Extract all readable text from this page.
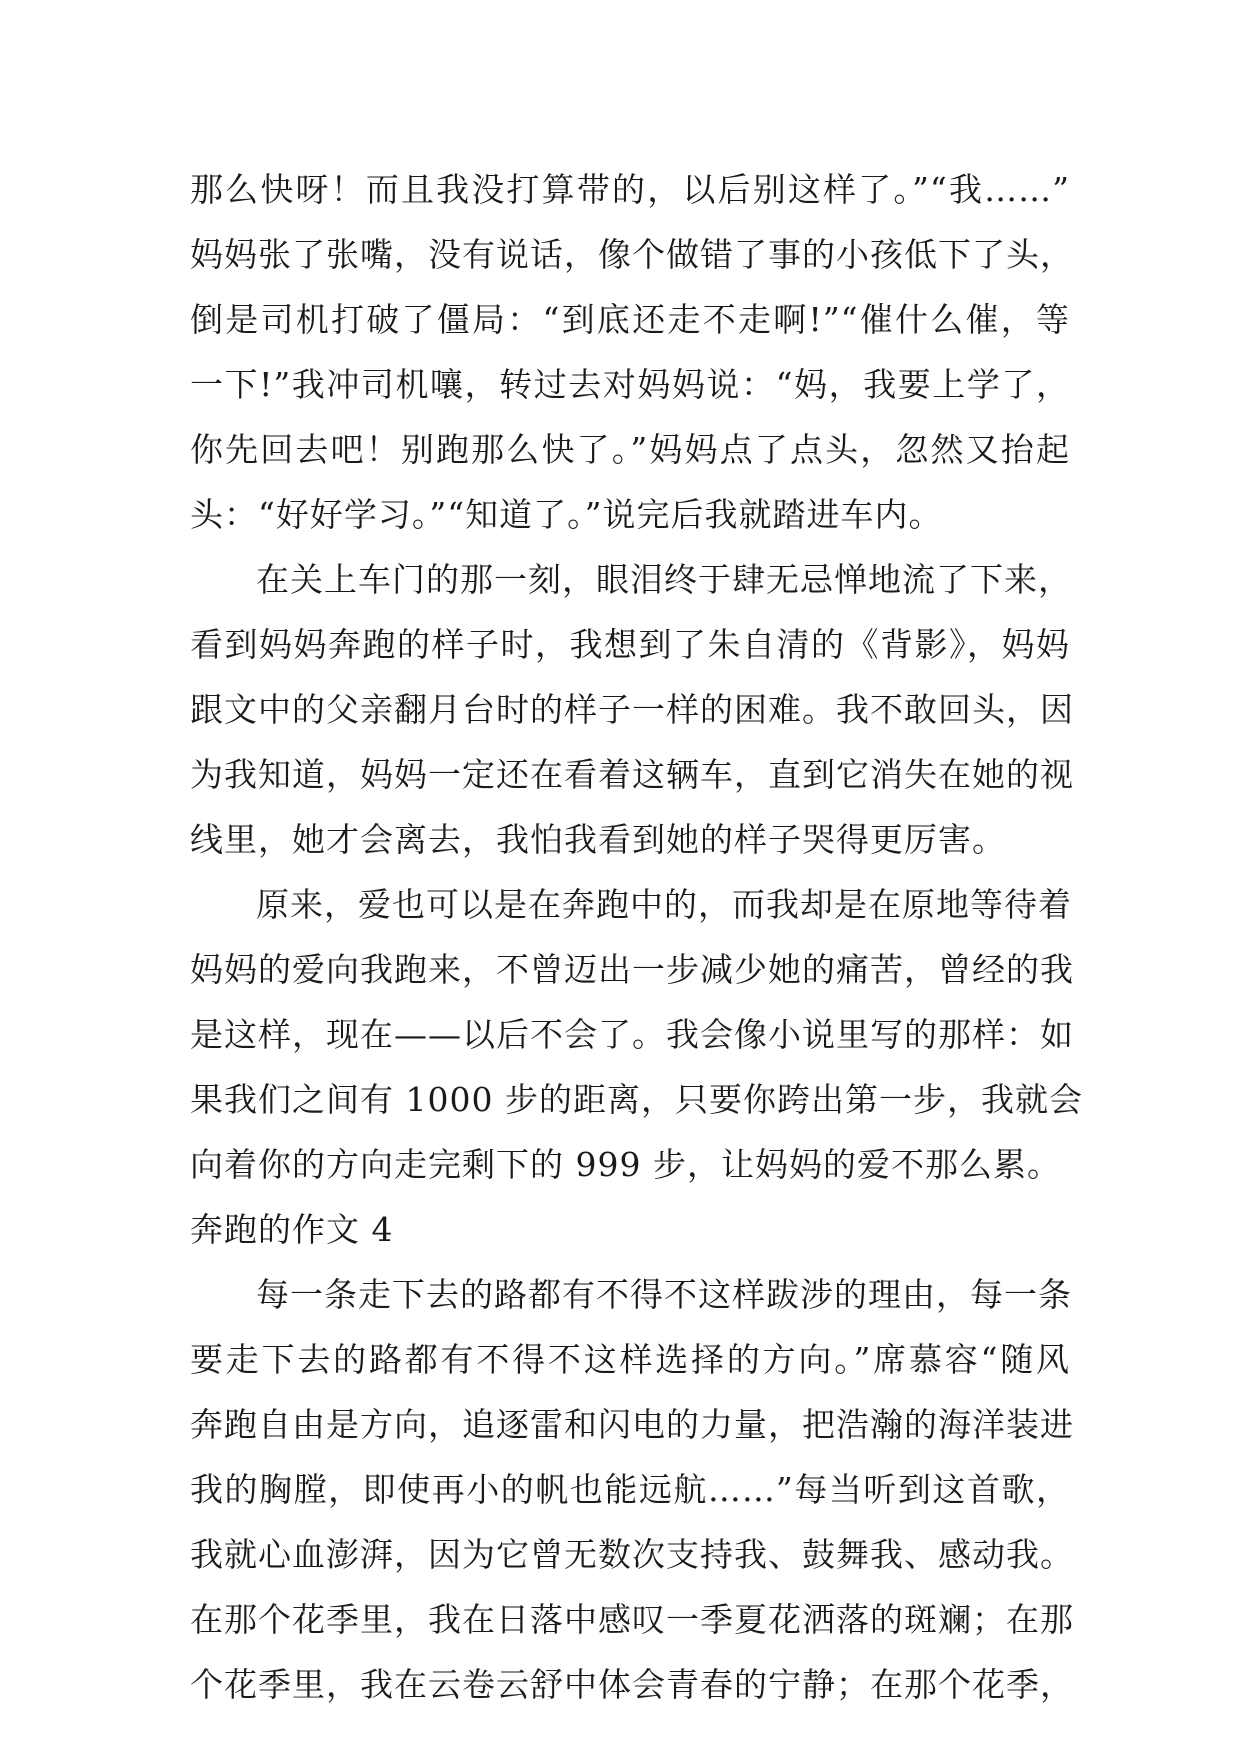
那么快呀！而且我没打算带的，以后别这样了。”“我……”
妈妈张了张嘴，没有说话，像个做错了事的小孩低下了头，
倒是司机打破了僵局：“到底还走不走啊!”“催什么催，等
一下!”我冲司机嚷，转过去对妈妈说：“妈，我要上学了，
你先回去吧！别跑那么快了。”妈妈点了点头，忽然又抬起
头：“好好学习。”“知道了。”说完后我就踏进车内。

在关上车门的那一刻，眼泪终于肆无忌惮地流了下来，
看到妈妈奔跑的样子时，我想到了朱自清的《背影》，妈妈
跟文中的父亲翻月台时的样子一样的困难。我不敢回头，因
为我知道，妈妈一定还在看着这辆车，直到它消失在她的视
线里，她才会离去，我怕我看到她的样子哭得更厉害。

原来，爱也可以是在奔跑中的，而我却是在原地等待着
妈妈的爱向我跑来，不曾迈出一步减少她的痛苦，曾经的我
是这样，现在——以后不会了。我会像小说里写的那样：如
果我们之间有 1000 步的距离，只要你跨出第一步，我就会
向着你的方向走完剩下的 999 步，让妈妈的爱不那么累。

奔跑的作文 4

每一条走下去的路都有不得不这样跋涉的理由，每一条
要走下去的路都有不得不这样选择的方向。”席慕容“随风
奔跑自由是方向，追逐雷和闪电的力量，把浩瀚的海洋装进
我的胸膛，即使再小的帆也能远航……”每当听到这首歌，
我就心血澎湃，因为它曾无数次支持我、鼓舞我、感动我。
在那个花季里，我在日落中感叹一季夏花洒落的斑斓；在那
个花季里，我在云卷云舒中体会青春的宁静；在那个花季，
